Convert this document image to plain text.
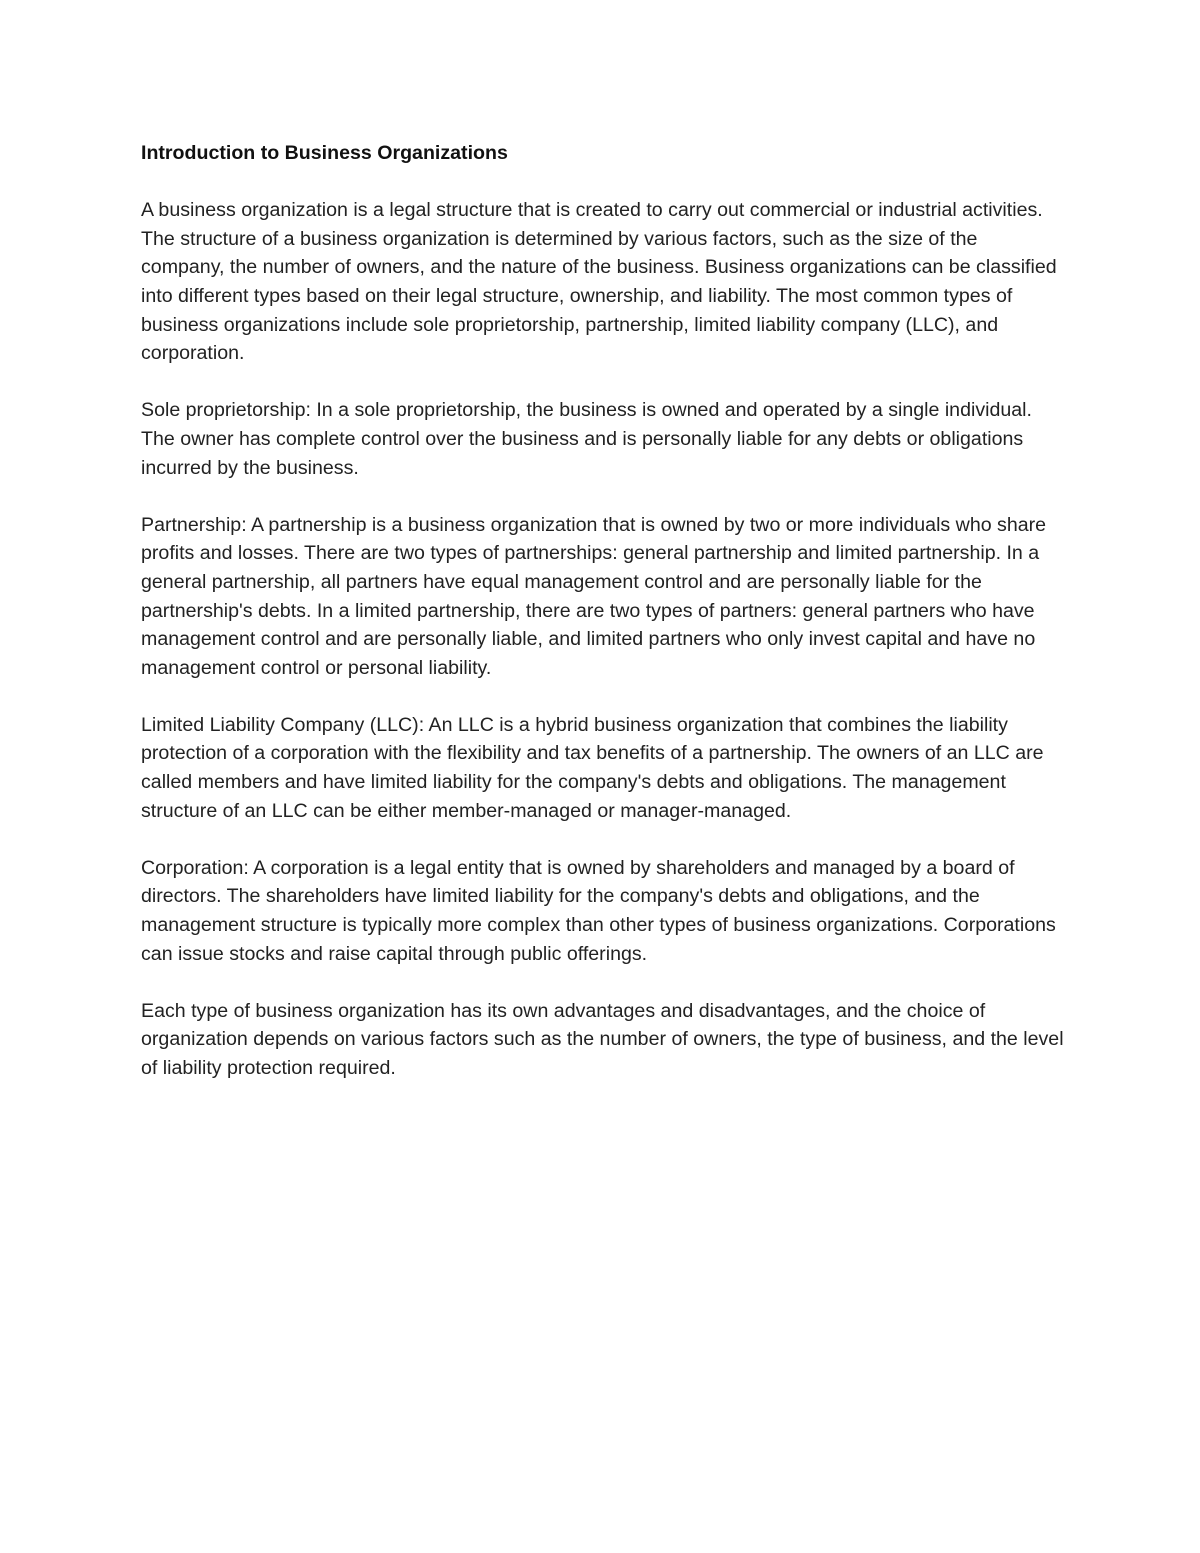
Introduction to Business Organizations

A business organization is a legal structure that is created to carry out commercial or industrial activities. The structure of a business organization is determined by various factors, such as the size of the company, the number of owners, and the nature of the business. Business organizations can be classified into different types based on their legal structure, ownership, and liability. The most common types of business organizations include sole proprietorship, partnership, limited liability company (LLC), and corporation.

Sole proprietorship: In a sole proprietorship, the business is owned and operated by a single individual. The owner has complete control over the business and is personally liable for any debts or obligations incurred by the business.

Partnership: A partnership is a business organization that is owned by two or more individuals who share profits and losses. There are two types of partnerships: general partnership and limited partnership. In a general partnership, all partners have equal management control and are personally liable for the partnership's debts. In a limited partnership, there are two types of partners: general partners who have management control and are personally liable, and limited partners who only invest capital and have no management control or personal liability.

Limited Liability Company (LLC): An LLC is a hybrid business organization that combines the liability protection of a corporation with the flexibility and tax benefits of a partnership. The owners of an LLC are called members and have limited liability for the company's debts and obligations. The management structure of an LLC can be either member-managed or manager-managed.

Corporation: A corporation is a legal entity that is owned by shareholders and managed by a board of directors. The shareholders have limited liability for the company's debts and obligations, and the management structure is typically more complex than other types of business organizations. Corporations can issue stocks and raise capital through public offerings.

Each type of business organization has its own advantages and disadvantages, and the choice of organization depends on various factors such as the number of owners, the type of business, and the level of liability protection required.
